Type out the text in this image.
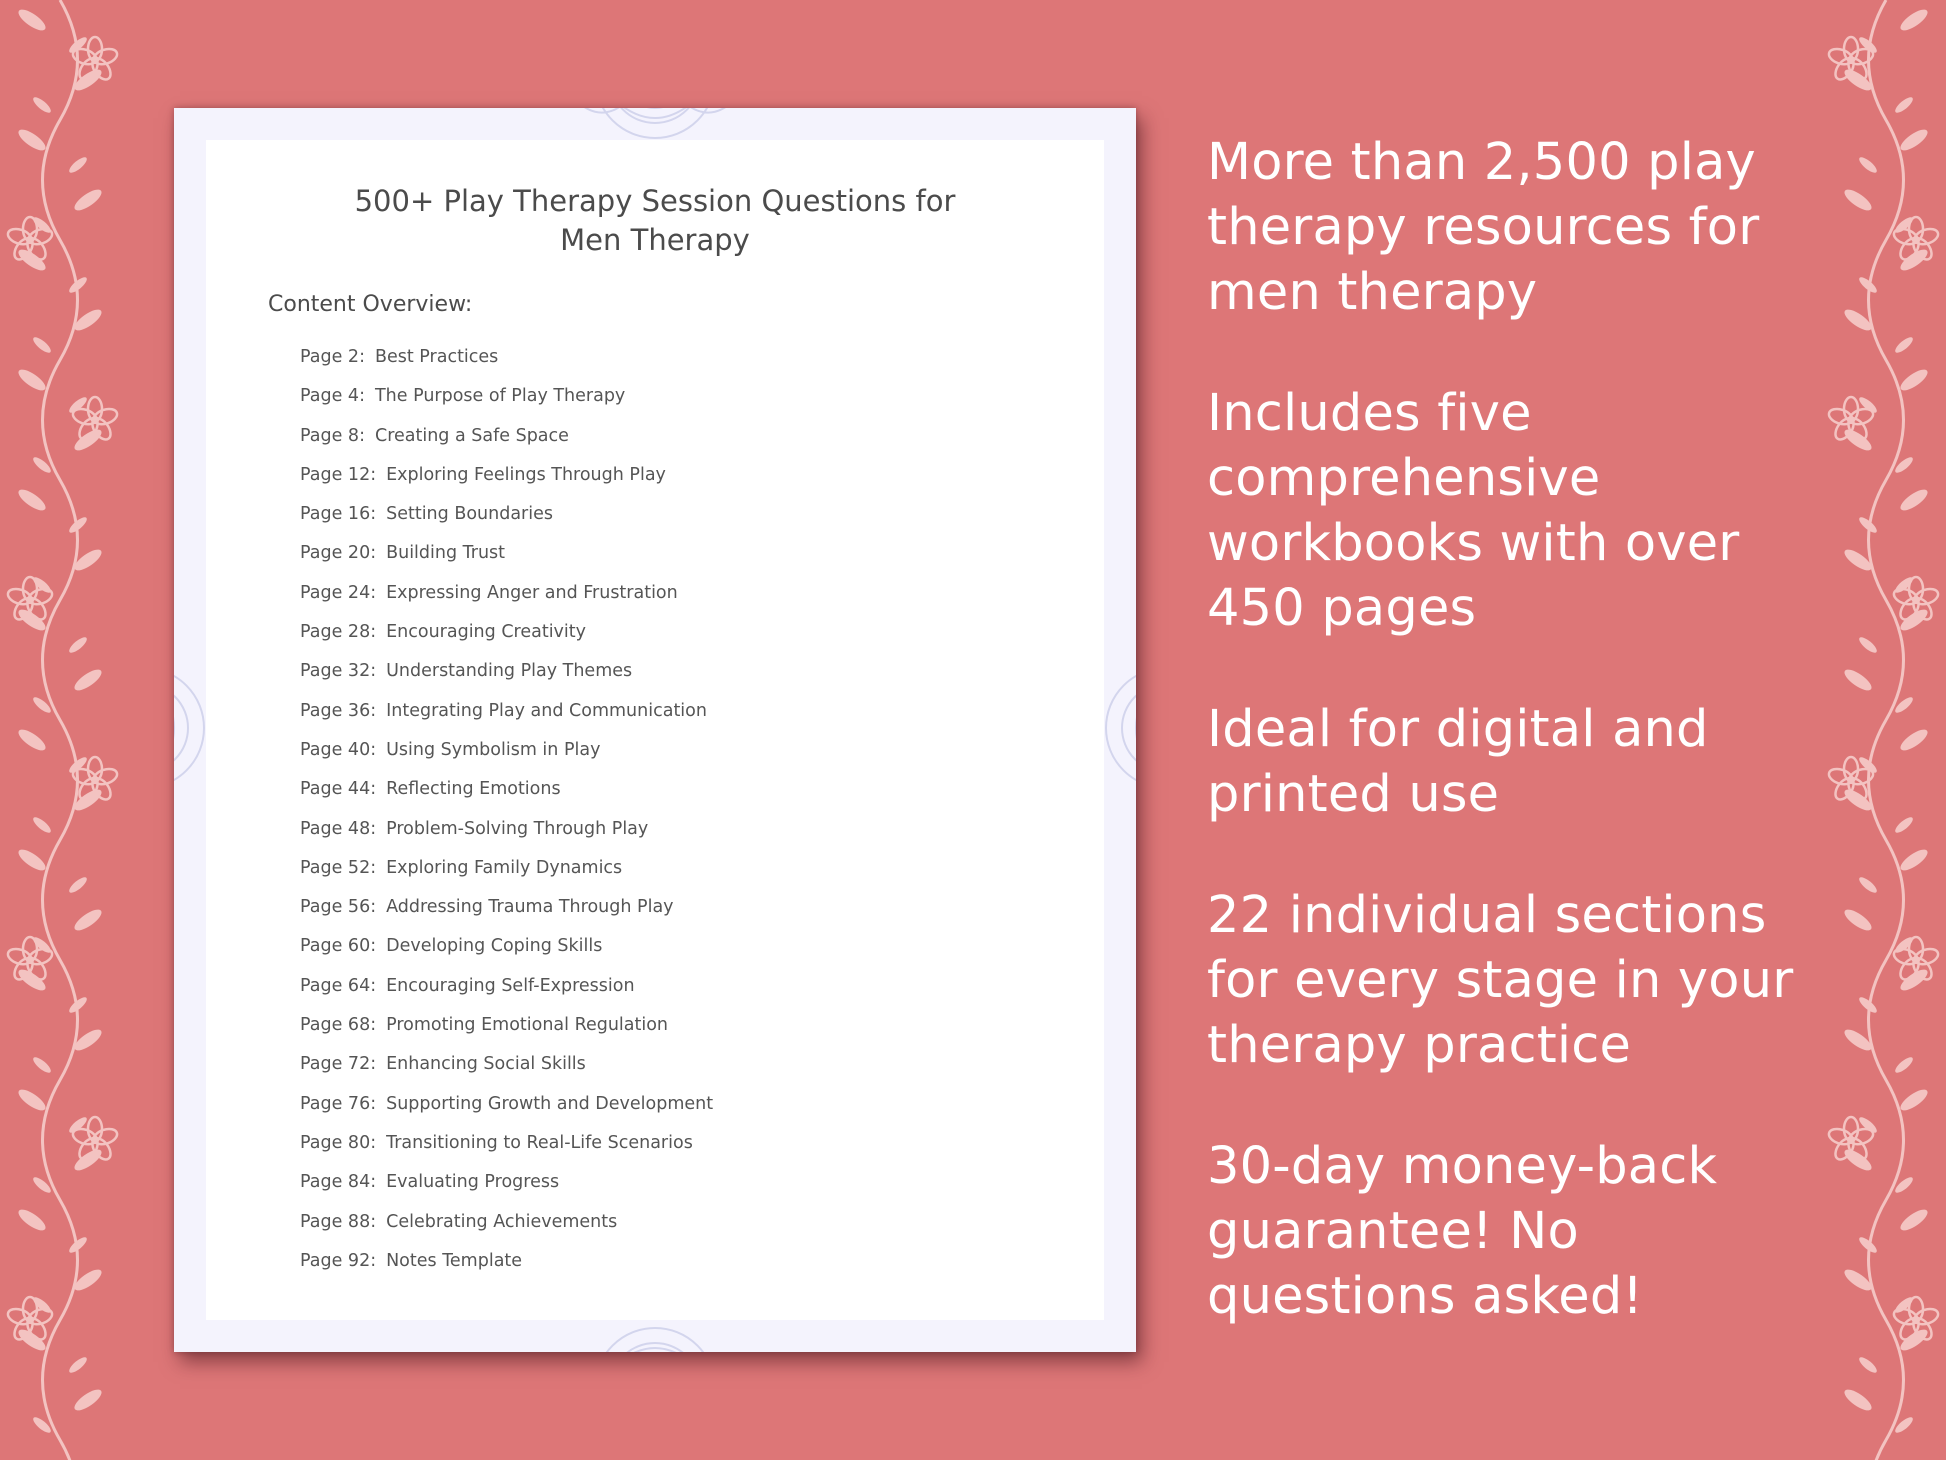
500+ Play Therapy Session Questions for
Men Therapy
Content Overview:
Page 2: Best Practices
Page 4: The Purpose of Play Therapy
Page 8: Creating a Safe Space
Page 12: Exploring Feelings Through Play
Page 16: Setting Boundaries
Page 20: Building Trust
Page 24: Expressing Anger and Frustration
Page 28: Encouraging Creativity
Page 32: Understanding Play Themes
Page 36: Integrating Play and Communication
Page 40: Using Symbolism in Play
Page 44: Reflecting Emotions
Page 48: Problem-Solving Through Play
Page 52: Exploring Family Dynamics
Page 56: Addressing Trauma Through Play
Page 60: Developing Coping Skills
Page 64: Encouraging Self-Expression
Page 68: Promoting Emotional Regulation
Page 72: Enhancing Social Skills
Page 76: Supporting Growth and Development
Page 80: Transitioning to Real-Life Scenarios
Page 84: Evaluating Progress
Page 88: Celebrating Achievements
Page 92: Notes Template
More than 2,500 play
therapy resources for
men therapy
Includes five
comprehensive
workbooks with over
450 pages
Ideal for digital and
printed use
22 individual sections
for every stage in your
therapy practice
30-day money-back
guarantee! No
questions asked!
